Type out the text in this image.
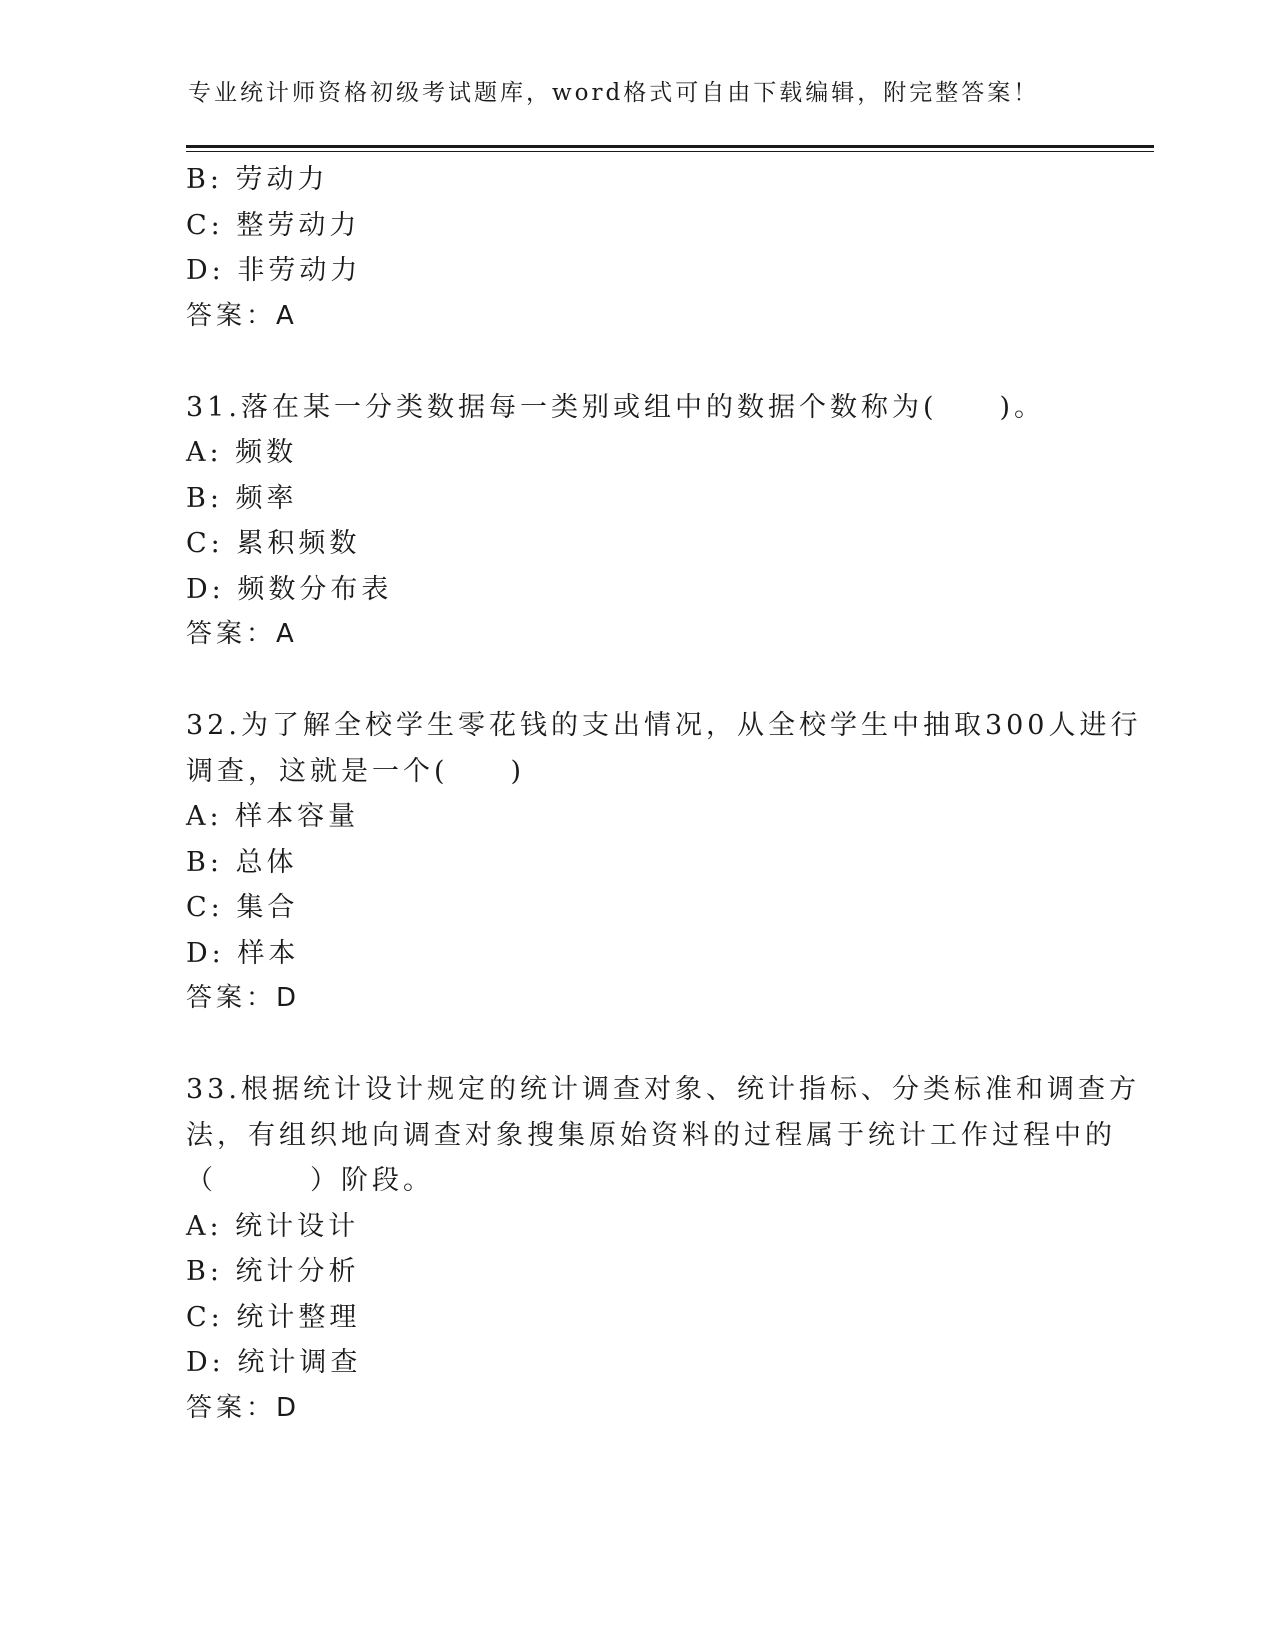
专业统计师资格初级考试题库，word格式可自由下载编辑，附完整答案！
B: 劳动力
C: 整劳动力
D: 非劳动力
答案：A
31.落在某一分类数据每一类别或组中的数据个数称为(　　)。
A: 频数
B: 频率
C: 累积频数
D: 频数分布表
答案：A
32.为了解全校学生零花钱的支出情况，从全校学生中抽取300人进行
调查，这就是一个(　　)
A: 样本容量
B: 总体
C: 集合
D: 样本
答案：D
33.根据统计设计规定的统计调查对象、统计指标、分类标准和调查方
法，有组织地向调查对象搜集原始资料的过程属于统计工作过程中的
（　　　）阶段。
A: 统计设计
B: 统计分析
C: 统计整理
D: 统计调查
答案：D
